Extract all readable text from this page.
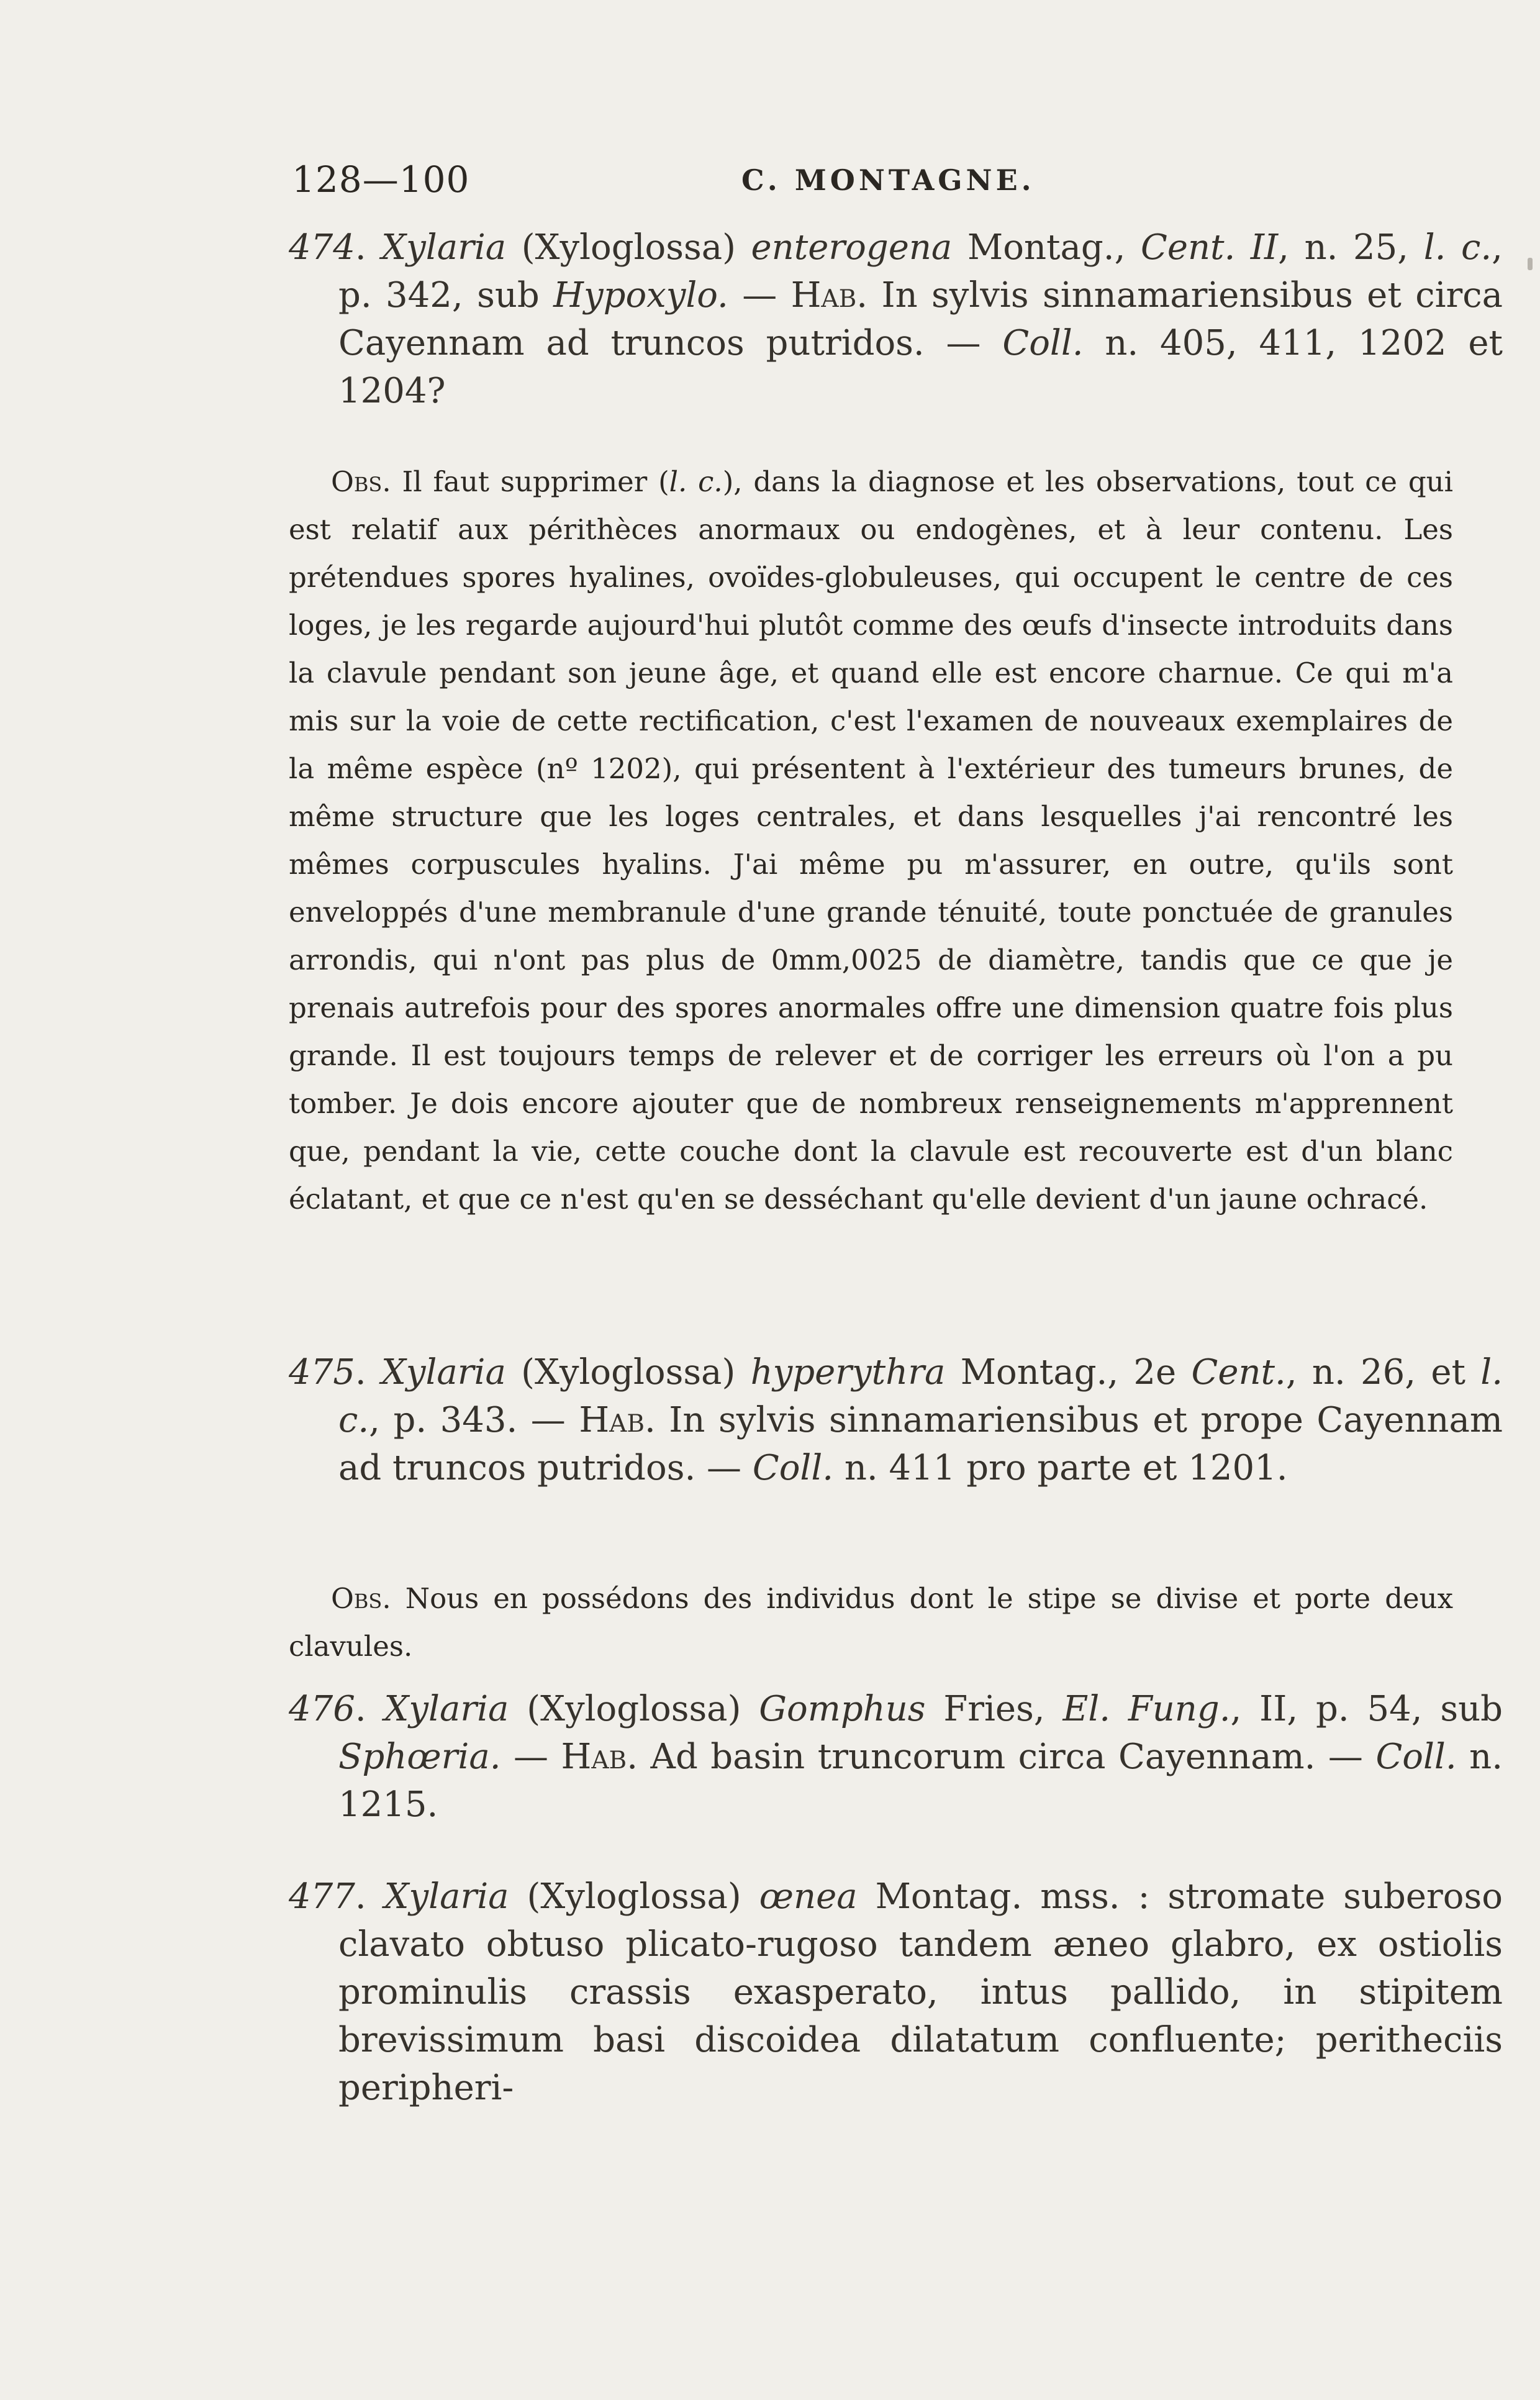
128—100	C. MONTAGNE.

474. Xylaria (Xyloglossa) enterogena Montag., Cent. II, n. 25, l. c., p. 342, sub Hypoxylo. — Hab. In sylvis sinnamariensibus et circa Cayennam ad truncos putridos. — Coll. n. 405, 411, 1202 et 1204?

Obs. Il faut supprimer (l. c.), dans la diagnose et les observations, tout ce qui est relatif aux périthèces anormaux ou endogènes, et à leur contenu. Les prétendues spores hyalines, ovoïdes-globuleuses, qui occupent le centre de ces loges, je les regarde aujourd'hui plutôt comme des œufs d'insecte introduits dans la clavule pendant son jeune âge, et quand elle est encore charnue. Ce qui m'a mis sur la voie de cette rectification, c'est l'examen de nouveaux exemplaires de la même espèce (nº 1202), qui présentent à l'extérieur des tumeurs brunes, de même structure que les loges centrales, et dans lesquelles j'ai rencontré les mêmes corpuscules hyalins. J'ai même pu m'assurer, en outre, qu'ils sont enveloppés d'une membranule d'une grande ténuité, toute ponctuée de granules arrondis, qui n'ont pas plus de 0mm,0025 de diamètre, tandis que ce que je prenais autrefois pour des spores anormales offre une dimension quatre fois plus grande. Il est toujours temps de relever et de corriger les erreurs où l'on a pu tomber. Je dois encore ajouter que de nombreux renseignements m'apprennent que, pendant la vie, cette couche dont la clavule est recouverte est d'un blanc éclatant, et que ce n'est qu'en se desséchant qu'elle devient d'un jaune ochracé.

475. Xylaria (Xyloglossa) hyperythra Montag., 2e Cent., n. 26, et l. c., p. 343. — Hab. In sylvis sinnamariensibus et prope Cayennam ad truncos putridos. — Coll. n. 411 pro parte et 1201.

Obs. Nous en possédons des individus dont le stipe se divise et porte deux clavules.

476. Xylaria (Xyloglossa) Gomphus Fries, El. Fung., II, p. 54, sub Sphœria. — Hab. Ad basin truncorum circa Cayennam. — Coll. n. 1215.

477. Xylaria (Xyloglossa) œnea Montag. mss. : stromate suberoso clavato obtuso plicato-rugoso tandem æneo glabro, ex ostiolis prominulis crassis exasperato, intus pallido, in stipitem brevissimum basi discoidea dilatatum confluente; peritheciis peripheri-
